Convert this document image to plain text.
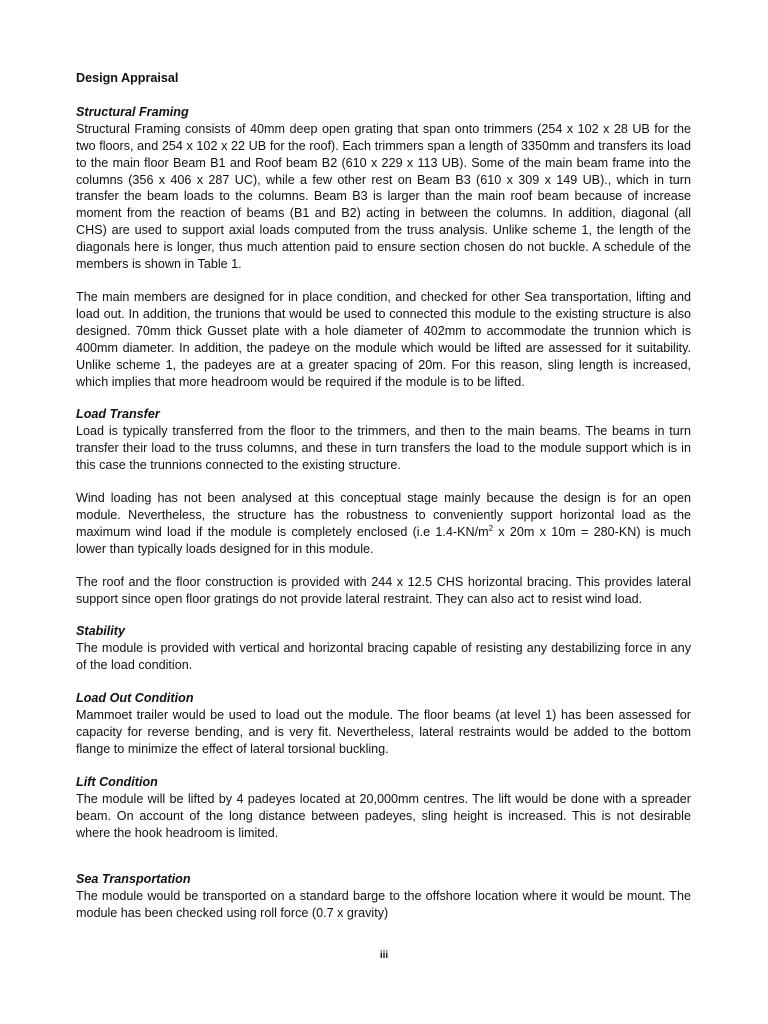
Design Appraisal
Structural Framing

Structural Framing consists of 40mm deep open grating that span onto trimmers (254 x 102 x 28 UB for the two floors, and 254 x 102 x 22 UB for the roof). Each trimmers span a length of 3350mm and transfers its load to the main floor Beam B1 and Roof beam B2 (610 x 229 x 113 UB). Some of the main beam frame into the columns (356 x 406 x 287 UC), while a few other rest on Beam B3 (610 x 309 x 149 UB)., which in turn transfer the beam loads to the columns. Beam B3 is larger than the main roof beam because of increase moment from the reaction of beams (B1 and B2) acting in between the columns. In addition, diagonal (all CHS) are used to support axial loads computed from the truss analysis. Unlike scheme 1, the length of the diagonals here is longer, thus much attention paid to ensure section chosen do not buckle. A schedule of the members is shown in Table 1.

The main members are designed for in place condition, and checked for other Sea transportation, lifting and load out. In addition, the trunions that would be used to connected this module to the existing structure is also designed. 70mm thick Gusset plate with a hole diameter of 402mm to accommodate the trunnion which is 400mm diameter. In addition, the padeye on the module which would be lifted are assessed for it suitability. Unlike scheme 1, the padeyes are at a greater spacing of 20m. For this reason, sling length is increased, which implies that more headroom would be required if the module is to be lifted.

Load Transfer

Load is typically transferred from the floor to the trimmers, and then to the main beams. The beams in turn transfer their load to the truss columns, and these in turn transfers the load to the module support which is in this case the trunnions connected to the existing structure.

Wind loading has not been analysed at this conceptual stage mainly because the design is for an open module. Nevertheless, the structure has the robustness to conveniently support horizontal load as the maximum wind load if the module is completely enclosed (i.e $1.4-KN/m^2$ x 20m x 10m = 280-KN) is much lower than typically loads designed for in this module.

The roof and the floor construction is provided with 244 x 12.5 CHS horizontal bracing. This provides lateral support since open floor gratings do not provide lateral restraint. They can also act to resist wind load.

Stability

The module is provided with vertical and horizontal bracing capable of resisting any destabilizing force in any of the load condition.

Load Out Condition

Mammoet trailer would be used to load out the module. The floor beams (at level 1) has been assessed for capacity for reverse bending, and is very fit. Nevertheless, lateral restraints would be added to the bottom flange to minimize the effect of lateral torsional buckling.

Lift Condition

The module will be lifted by 4 padeyes located at 20,000mm centres. The lift would be done with a spreader beam. On account of the long distance between padeyes, sling height is increased. This is not desirable where the hook headroom is limited.

Sea Transportation

The module would be transported on a standard barge to the offshore location where it would be mount. The module has been checked using roll force (0.7 x gravity)

iii
